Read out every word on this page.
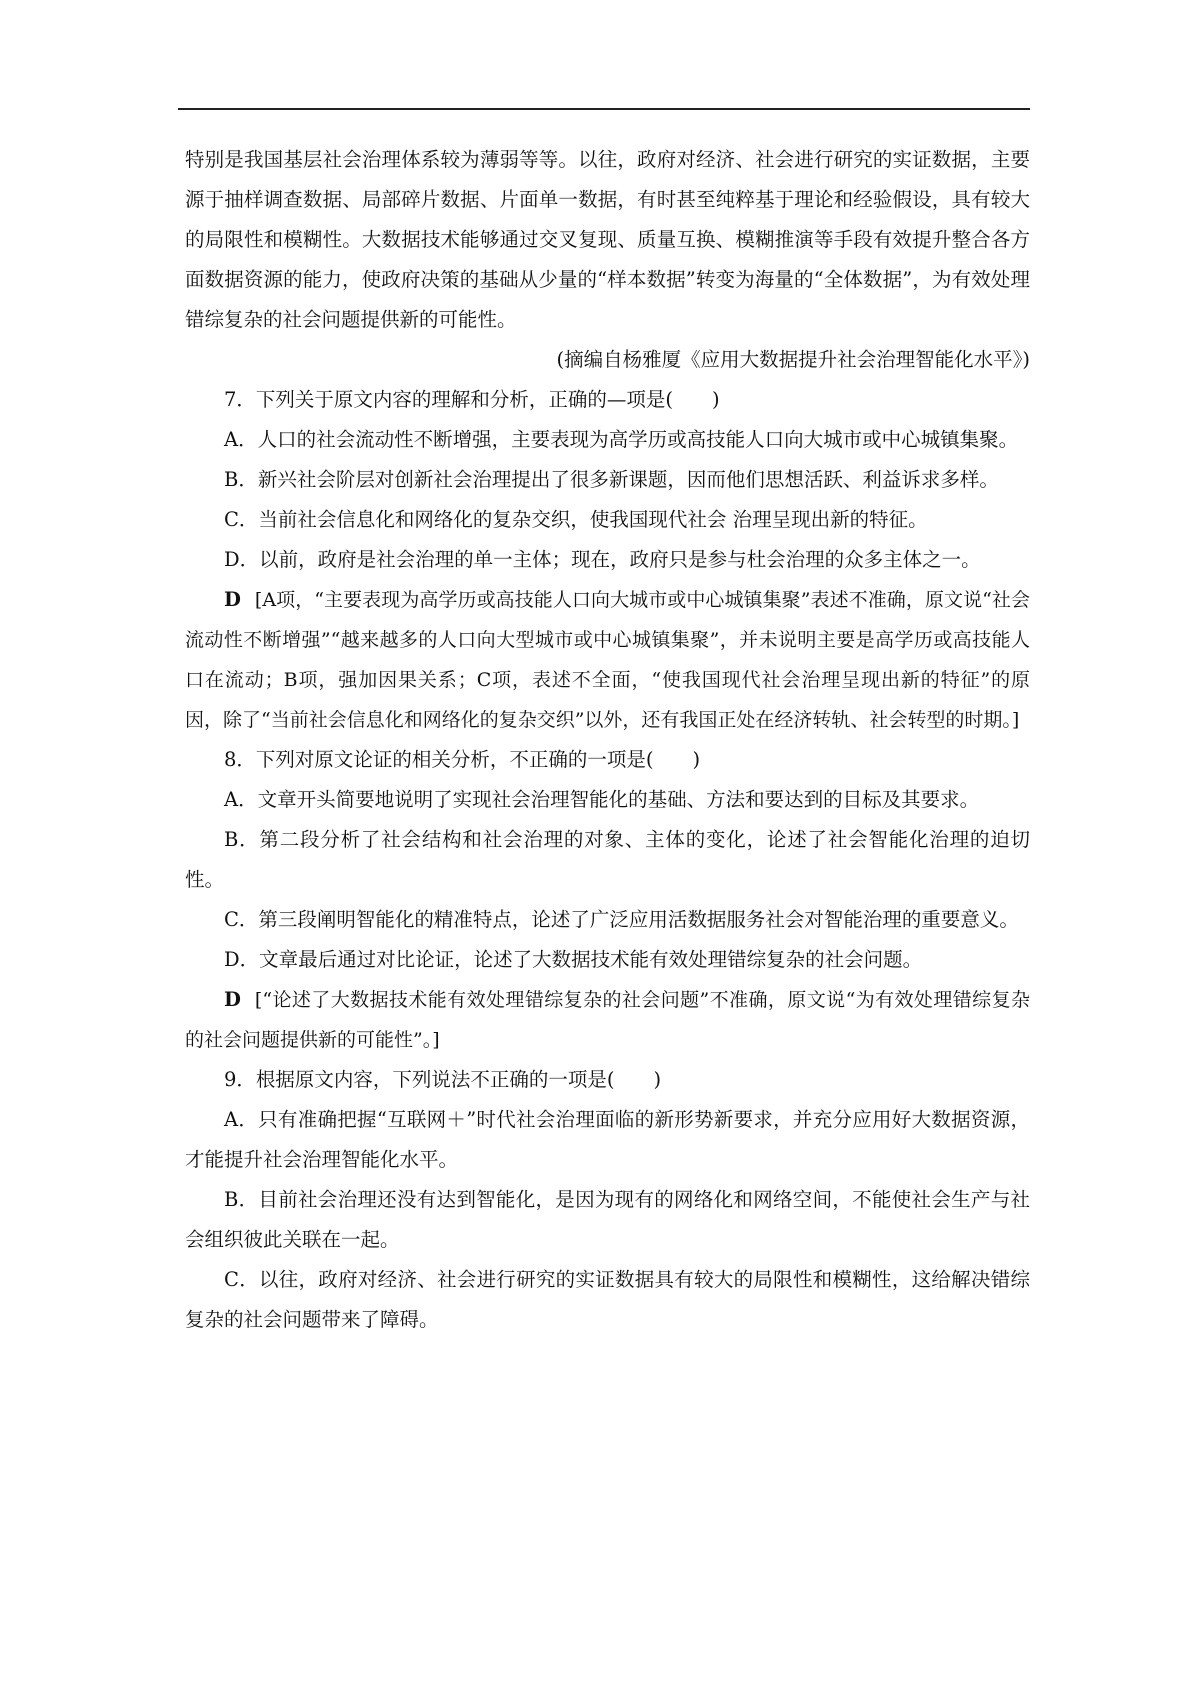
特别是我国基层社会治理体系较为薄弱等等。以往，政府对经济、社会进行研究的实证数据，主要源于抽样调查数据、局部碎片数据、片面单一数据，有时甚至纯粹基于理论和经验假设，具有较大的局限性和模糊性。大数据技术能够通过交叉复现、质量互换、模糊推演等手段有效提升整合各方面数据资源的能力，使政府决策的基础从少量的“样本数据”转变为海量的“全体数据”，为有效处理错综复杂的社会问题提供新的可能性。

(摘编自杨雅厦《应用大数据提升社会治理智能化水平》)

7．下列关于原文内容的理解和分析，正确的—项是(　　)

A．人口的社会流动性不断增强，主要表现为高学历或高技能人口向大城市或中心城镇集聚。

B．新兴社会阶层对创新社会治理提出了很多新课题，因而他们思想活跃、利益诉求多样。

C．当前社会信息化和网络化的复杂交织，使我国现代社会 治理呈现出新的特征。

D．以前，政府是社会治理的单一主体；现在，政府只是参与杜会治理的众多主体之一。

D [A项，“主要表现为高学历或高技能人口向大城市或中心城镇集聚”表述不准确，原文说“社会流动性不断增强”“越来越多的人口向大型城市或中心城镇集聚”，并未说明主要是高学历或高技能人口在流动；B项，强加因果关系；C项，表述不全面，“使我国现代社会治理呈现出新的特征”的原因，除了“当前社会信息化和网络化的复杂交织”以外，还有我国正处在经济转轨、社会转型的时期。]

8．下列对原文论证的相关分析，不正确的一项是(　　)

A．文章开头简要地说明了实现社会治理智能化的基础、方法和要达到的目标及其要求。

B．第二段分析了社会结构和社会治理的对象、主体的变化，论述了社会智能化治理的迫切性。

C．第三段阐明智能化的精准特点，论述了广泛应用活数据服务社会对智能治理的重要意义。

D．文章最后通过对比论证，论述了大数据技术能有效处理错综复杂的社会问题。

D [“论述了大数据技术能有效处理错综复杂的社会问题”不准确，原文说“为有效处理错综复杂的社会问题提供新的可能性”。]

9．根据原文内容，下列说法不正确的一项是(　　)

A．只有准确把握“互联网＋”时代社会治理面临的新形势新要求，并充分应用好大数据资源，才能提升社会治理智能化水平。

B．目前社会治理还没有达到智能化，是因为现有的网络化和网络空间，不能使社会生产与社会组织彼此关联在一起。

C．以往，政府对经济、社会进行研究的实证数据具有较大的局限性和模糊性，这给解决错综复杂的社会问题带来了障碍。
